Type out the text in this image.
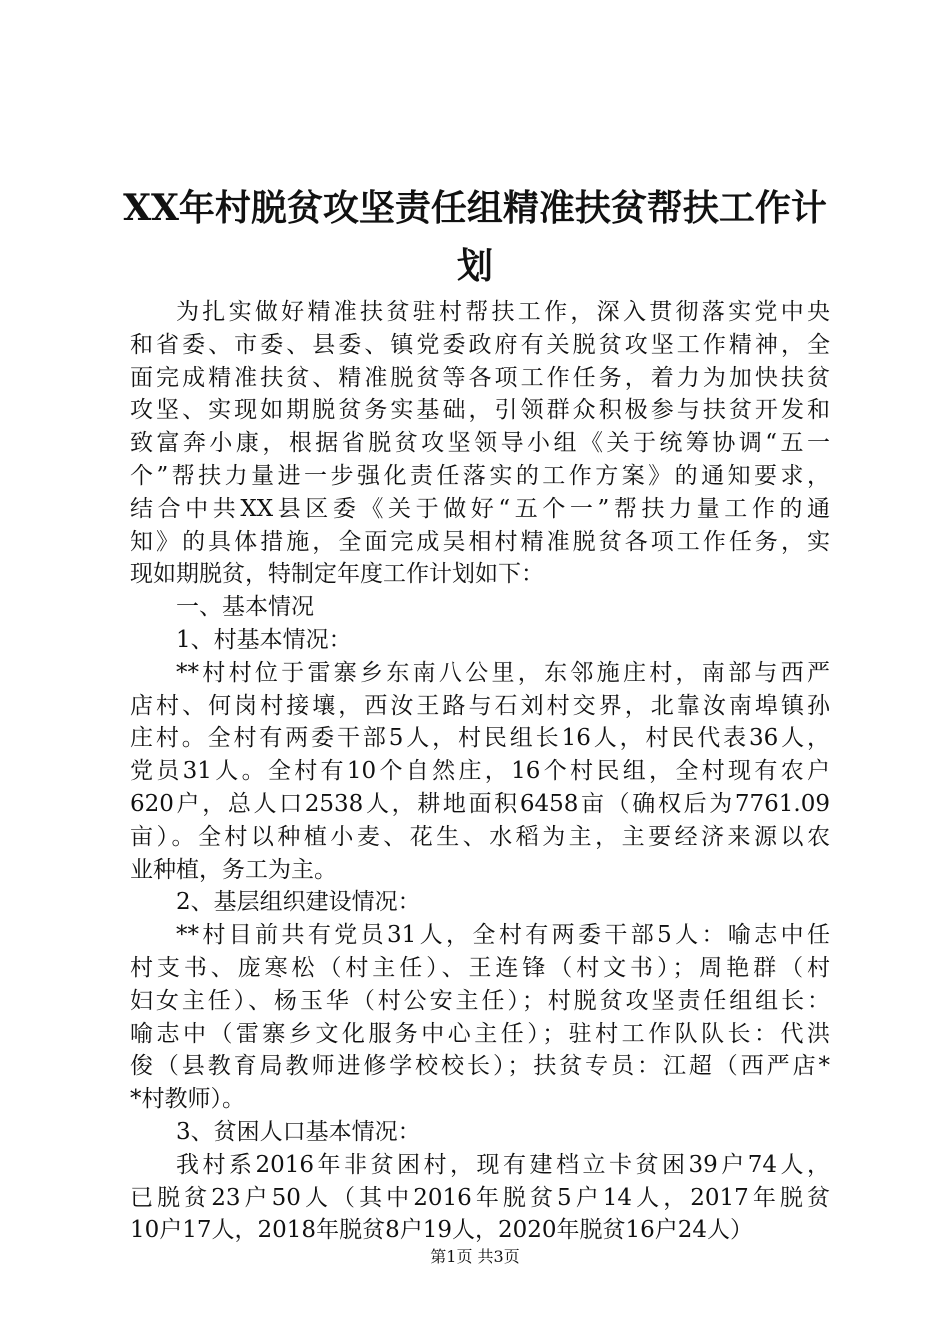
XX年村脱贫攻坚责任组精准扶贫帮扶工作计
划
为扎实做好精准扶贫驻村帮扶工作，深入贯彻落实党中央
和省委、市委、县委、镇党委政府有关脱贫攻坚工作精神，全
面完成精准扶贫、精准脱贫等各项工作任务，着力为加快扶贫
攻坚、实现如期脱贫务实基础，引领群众积极参与扶贫开发和
致富奔小康，根据省脱贫攻坚领导小组《关于统筹协调“五一
个”帮扶力量进一步强化责任落实的工作方案》的通知要求，
结合中共XX县区委《关于做好“五个一”帮扶力量工作的通
知》的具体措施，全面完成吴相村精准脱贫各项工作任务，实
现如期脱贫，特制定年度工作计划如下：
一、基本情况
1、村基本情况：
**村村位于雷寨乡东南八公里，东邻施庄村，南部与西严
店村、何岗村接壤，西汝王路与石刘村交界，北靠汝南埠镇孙
庄村。全村有两委干部5人，村民组长16人，村民代表36人，
党员31人。全村有10个自然庄，16个村民组，全村现有农户
620户，总人口2538人，耕地面积6458亩（确权后为7761.09
亩）。全村以种植小麦、花生、水稻为主，主要经济来源以农
业种植，务工为主。
2、基层组织建设情况：
**村目前共有党员31人，全村有两委干部5人：喻志中任
村支书、庞寒松（村主任）、王连锋（村文书）；周艳群（村
妇女主任）、杨玉华（村公安主任）；村脱贫攻坚责任组组长：
喻志中（雷寨乡文化服务中心主任）；驻村工作队队长：代洪
俊（县教育局教师进修学校校长）；扶贫专员：江超（西严店*
*村教师）。
3、贫困人口基本情况：
我村系2016年非贫困村，现有建档立卡贫困39户74人，
已脱贫23户50人（其中2016年脱贫5户14人，2017年脱贫
10户17人，2018年脱贫8户19人，2020年脱贫16户24人）
第1页 共3页
